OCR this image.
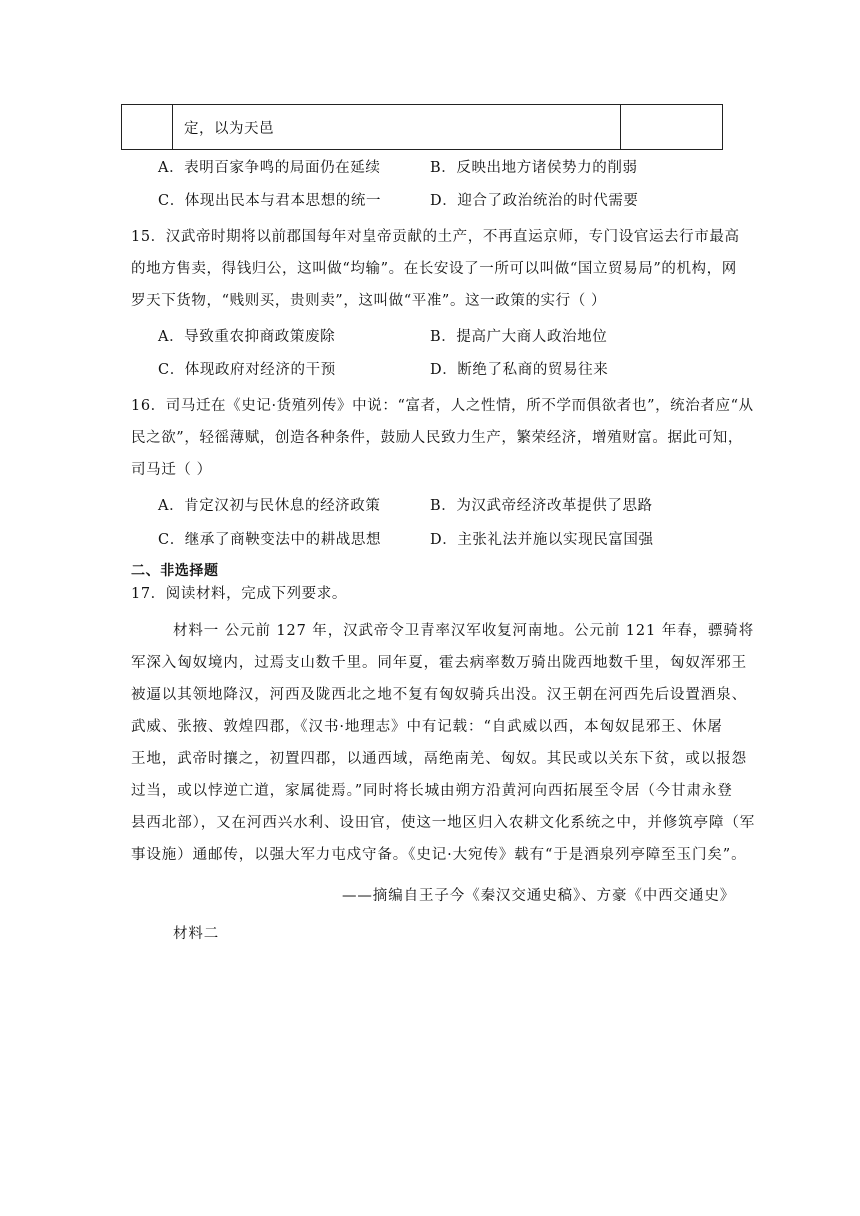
定，以为天邑
A．表明百家争鸣的局面仍在延续	B．反映出地方诸侯势力的削弱
C．体现出民本与君本思想的统一	D．迎合了政治统治的时代需要
15．汉武帝时期将以前郡国每年对皇帝贡献的土产，不再直运京师，专门设官运去行市最高
的地方售卖，得钱归公，这叫做“均输”。在长安设了一所可以叫做“国立贸易局”的机构，网
罗天下货物，“贱则买，贵则卖”，这叫做“平准”。这一政策的实行（ ）
A．导致重农抑商政策废除	B．提高广大商人政治地位
C．体现政府对经济的干预	D．断绝了私商的贸易往来
16．司马迁在《史记·货殖列传》中说：“富者，人之性情，所不学而俱欲者也”，统治者应“从
民之欲”，轻徭薄赋，创造各种条件，鼓励人民致力生产，繁荣经济，增殖财富。据此可知，
司马迁（ ）
A．肯定汉初与民休息的经济政策	B．为汉武帝经济改革提供了思路
C．继承了商鞅变法中的耕战思想	D．主张礼法并施以实现民富国强
二、非选择题
17．阅读材料，完成下列要求。
材料一 公元前 127 年，汉武帝令卫青率汉军收复河南地。公元前 121 年春，骠骑将
军深入匈奴境内，过焉支山数千里。同年夏，霍去病率数万骑出陇西地数千里，匈奴浑邪王
被逼以其领地降汉，河西及陇西北之地不复有匈奴骑兵出没。汉王朝在河西先后设置酒泉、
武威、张掖、敦煌四郡，《汉书·地理志》中有记载：“自武威以西，本匈奴昆邪王、休屠
王地，武帝时攘之，初置四郡，以通西域，鬲绝南羌、匈奴。其民或以关东下贫，或以报怨
过当，或以悖逆亡道，家属徙焉。”同时将长城由朔方沿黄河向西拓展至令居（今甘肃永登
县西北部），又在河西兴水利、设田官，使这一地区归入农耕文化系统之中，并修筑亭障（军
事设施）通邮传，以强大军力屯戍守备。《史记·大宛传》载有“于是酒泉列亭障至玉门矣”。
——摘编自王子今《秦汉交通史稿》、方豪《中西交通史》
材料二
